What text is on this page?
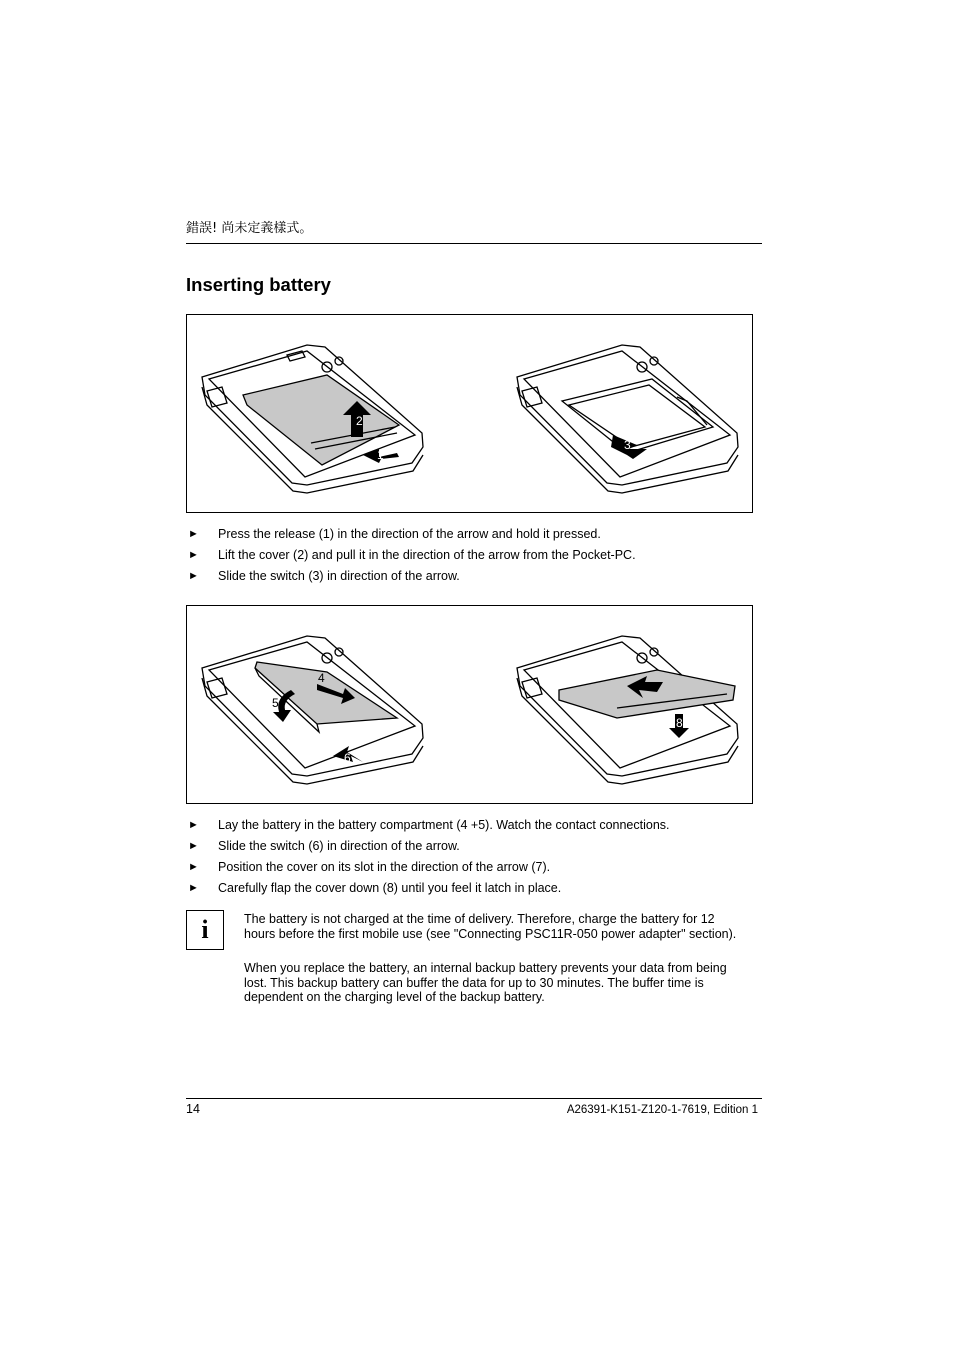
錯誤! 尚未定義樣式。
Inserting battery
2
1
3
► Press the release (1) in the direction of the arrow and hold it pressed.
► Lift the cover (2) and pull it in the direction of the arrow from the Pocket-PC.
► Slide the switch (3) in direction of the arrow.
4
5
6
8
► Lay the battery in the battery compartment (4 +5). Watch the contact connections.
► Slide the switch (6) in direction of the arrow.
► Position the cover on its slot in the direction of the arrow (7).
► Carefully flap the cover down (8) until you feel it latch in place.
i	The battery is not charged at the time of delivery. Therefore, charge the battery for 12 hours before the first mobile use (see "Connecting PSC11R-050 power adapter" section).

When you replace the battery, an internal backup battery prevents your data from being lost. This backup battery can buffer the data for up to 30 minutes. The buffer time is dependent on the charging level of the backup battery.

14	A26391-K151-Z120-1-7619, Edition 1
